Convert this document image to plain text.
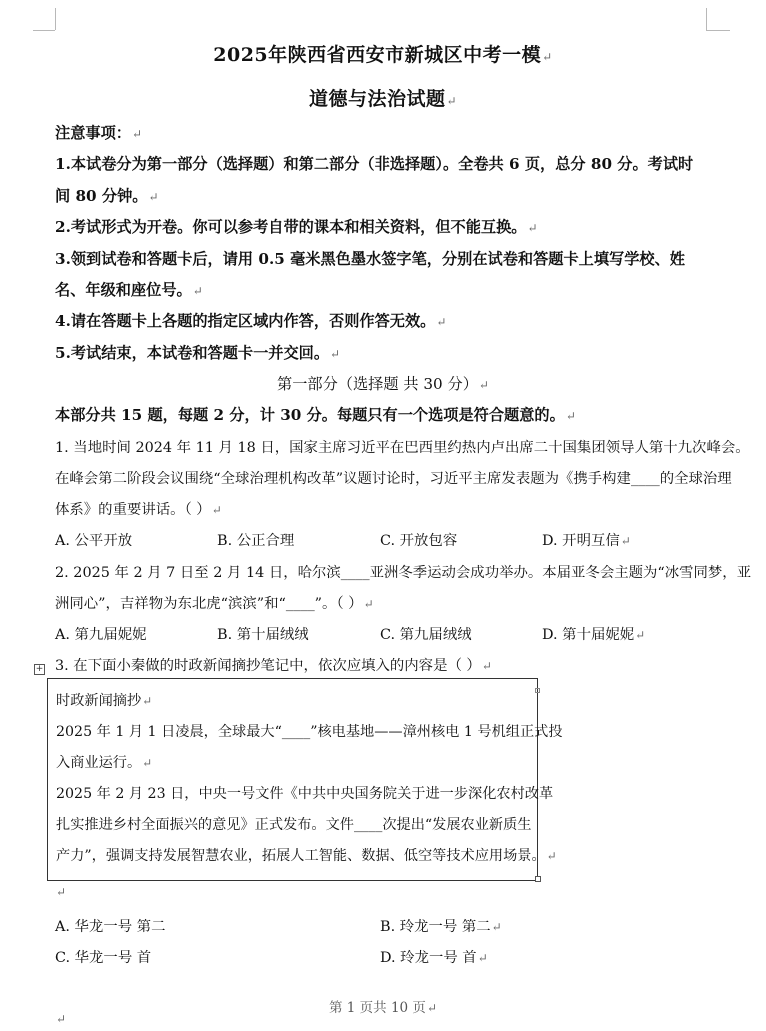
2025年陕西省西安市新城区中考一模↵
道德与法治试题↵
注意事项：↵
1.本试卷分为第一部分（选择题）和第二部分（非选择题）。全卷共 6 页，总分 80 分。考试时
间 80 分钟。↵
2.考试形式为开卷。你可以参考自带的课本和相关资料，但不能互换。↵
3.领到试卷和答题卡后，请用 0.5 毫米黑色墨水签字笔，分别在试卷和答题卡上填写学校、姓
名、年级和座位号。↵
4.请在答题卡上各题的指定区域内作答，否则作答无效。↵
5.考试结束，本试卷和答题卡一并交回。↵
第一部分（选择题 共 30 分）↵
本部分共 15 题，每题 2 分，计 30 分。每题只有一个选项是符合题意的。↵
1. 当地时间 2024 年 11 月 18 日，国家主席习近平在巴西里约热内卢出席二十国集团领导人第十九次峰会。
在峰会第二阶段会议围绕“全球治理机构改革”议题讨论时，习近平主席发表题为《携手构建____的全球治理
体系》的重要讲话。（ ）↵
A. 公平开放	B. 公正合理	C. 开放包容	D. 开明互信↵
2. 2025 年 2 月 7 日至 2 月 14 日，哈尔滨____亚洲冬季运动会成功举办。本届亚冬会主题为“冰雪同梦，亚
洲同心”，吉祥物为东北虎“滨滨”和“____”。（ ）↵
A. 第九届妮妮	B. 第十届绒绒	C. 第九届绒绒	D. 第十届妮妮↵
3. 在下面小秦做的时政新闻摘抄笔记中，依次应填入的内容是（ ）↵
+
时政新闻摘抄↵
2025 年 1 月 1 日凌晨，全球最大“____”核电基地——漳州核电 1 号机组正式投
入商业运行。↵
2025 年 2 月 23 日，中央一号文件《中共中央国务院关于进一步深化农村改革
扎实推进乡村全面振兴的意见》正式发布。文件____次提出“发展农业新质生
产力”，强调支持发展智慧农业，拓展人工智能、数据、低空等技术应用场景。↵
↵
A. 华龙一号 第二	B. 玲龙一号 第二↵
C. 华龙一号 首	D. 玲龙一号 首↵
第 1 页共 10 页↵
↵
